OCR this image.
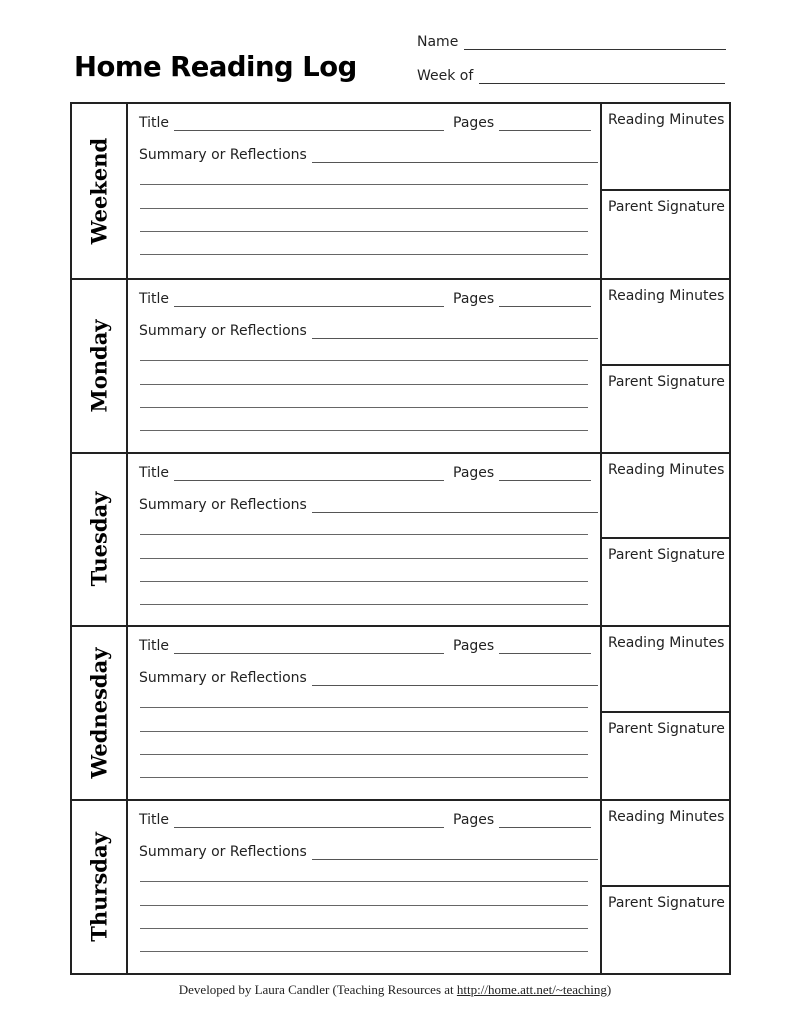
Home Reading Log
Name
Week of
Weekend
Title	Pages
Summary or Reflections
Reading Minutes
Parent Signature
Monday
Title	Pages
Summary or Reflections
Reading Minutes
Parent Signature
Tuesday
Title	Pages
Summary or Reflections
Reading Minutes
Parent Signature
Wednesday
Title	Pages
Summary or Reflections
Reading Minutes
Parent Signature
Thursday
Title	Pages
Summary or Reflections
Reading Minutes
Parent Signature
Developed by Laura Candler (Teaching Resources at http://home.att.net/~teaching)
